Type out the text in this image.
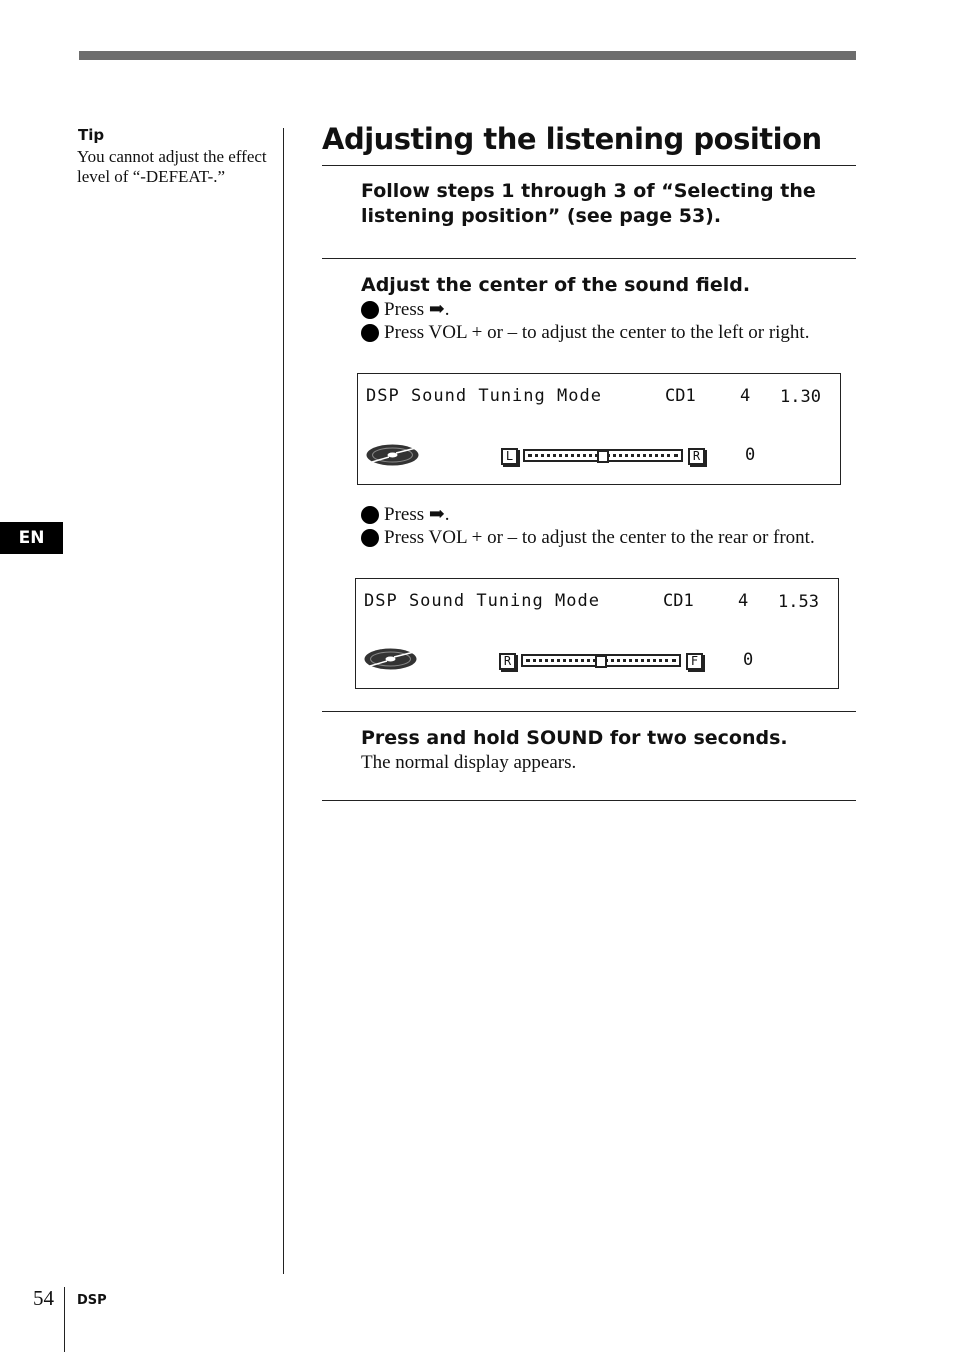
Tip
You cannot adjust the effect level of “-DEFEAT-.”
EN
Adjusting the listening position
Follow steps 1 through 3 of “Selecting the listening position” (see page 53).
Adjust the center of the sound field.
1 Press ➡.
2 Press VOL + or – to adjust the center to the left or right.
DSP Sound Tuning Mode	CD1	4 1.30
L	R	0
3 Press ➡.
4 Press VOL + or – to adjust the center to the rear or front.
DSP Sound Tuning Mode	CD1	4 1.53
R	F	0
Press and hold SOUND for two seconds.
The normal display appears.
54 DSP
